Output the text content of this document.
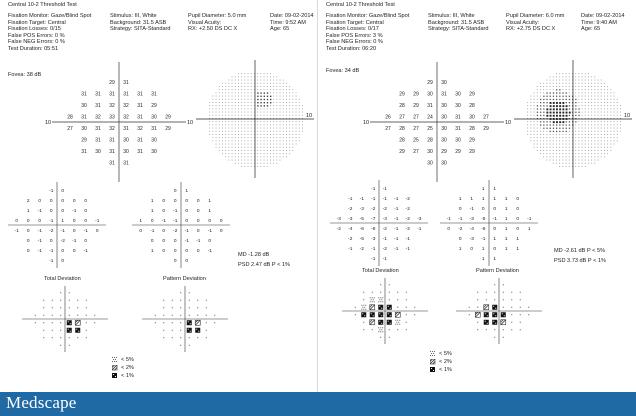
Central 10-2 Threshold Test
Fixation Monitor: Gaze/Blind Spot
Fixation Target: Central
Fixation Losses: 0/15
False POS Errors: 0 %
False NEG Errors: 0 %
Test Duration: 05:51
Stimulus: III, White
Background: 31.5 ASB
Strategy: SITA-Standard
Pupil Diameter: 5.0 mm
Visual Acuity:
RX: +2.50 DS DC X
Date: 09-02-2014
Time: 9:52 AM
Age: 65
Fovea: 38 dB
10	10
29 31
31 31 31 31 31 31
30 31 32 32 31 29
28 31 32 33 32 31 30 29
27 30 31 32 31 32 31 29
29 31 31 30 31 30
31 30 31 30 31 30
31 31
10
-1 0
2 0 0 0 0 0
1 -1 0 0 -1 0
0 0 0 -1 1 0 0 -1
-1 0 -1 -2 -1 0 -1 0
0 -1 0 -2 -1 0
0 -1 -1 0 0 -1
-1 0
0 1
1 0 0 0 0 1
1 0 -1 0 0 1
1 0 -1 -1 0 0 0 0
0 -1 0 -2 -1 0 -1 0
0 0 0 -1 -1 0
1 0 0 0 0 -1
0 0
MD -1.28 dB
PSD 2.47 dB P < 1%
Total Deviation	Pattern Deviation
< 5%
< 2%
< 1%
Central 10-2 Threshold Test
Fixation Monitor: Gaze/Blind Spot
Fixation Target: Central
Fixation Losses: 0/17
False POS Errors: 3 %
False NEG Errors: 0 %
Test Duration: 06:20
Stimulus: III, White
Background: 31.5 ASB
Strategy: SITA-Standard
Pupil Diameter: 6.0 mm
Visual Acuity:
RX: +2.75 DS DC X
Date: 09-02-2014
Time: 9:40 AM
Age: 65
Fovea: 34 dB
10	10
29 30
29 29 30 31 30 29
28 29 31 30 30 28
26 27 27 24 30 31 30 27
27 28 27 25 30 31 28 29
28 25 28 30 30 29
29 27 30 29 29 29
30 30
10
-1 -1
-1 -1 -1 -1 -1 -2
-2 -3 -2 -2 -1 -2
-3 -3 -5 -7 -3 -1 -2 -3
-2 -4 -6 -8 -2 -1 -2 -1
-2 -5 -3 -1 -1 -1
-1 -2 -1 -2 -1 -1
-1 -1
1 1
1 1 1 1 1 0
0 -1 0 0 1 0
-1 -1 -3 -5 -1 1 0 -1
0 -2 -4 -6 0 1 0 1
0 -3 -1 1 1 1
1 0 1 0 1 1
1 1
MD -2.61 dB P < 5%
PSD 3.73 dB P < 1%
Total Deviation	Pattern Deviation
< 5%
< 2%
< 1%
Medscape
